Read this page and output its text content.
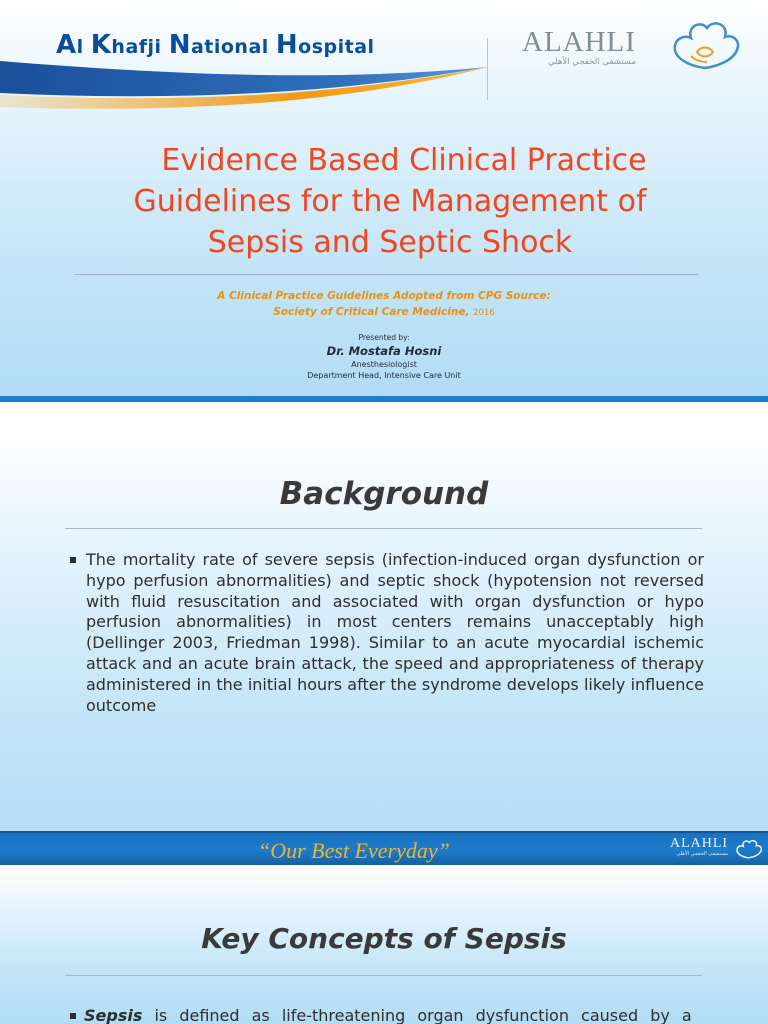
Al Khafji National Hospital	ALAHLI
مستشفى الخفجي الأهلي
Evidence Based Clinical Practice
Guidelines for the Management of
Sepsis and Septic Shock
A Clinical Practice Guidelines Adopted from CPG Source:
Society of Critical Care Medicine, 2016
Presented by:
Dr. Mostafa Hosni
Anesthesiologist
Department Head, Intensive Care Unit
Background
The mortality rate of severe sepsis (infection-induced organ dysfunction or hypo perfusion abnormalities) and septic shock (hypotension not reversed with fluid resuscitation and associated with organ dysfunction or hypo perfusion abnormalities) in most centers remains unacceptably high (Dellinger 2003, Friedman 1998). Similar to an acute myocardial ischemic attack and an acute brain attack, the speed and appropriateness of therapy administered in the initial hours after the syndrome develops likely influence outcome
“Our Best Everyday”	ALAHLI
مستشفى الخفجي الأهلي
Key Concepts of Sepsis
Sepsis is defined as life-threatening organ dysfunction caused by a
